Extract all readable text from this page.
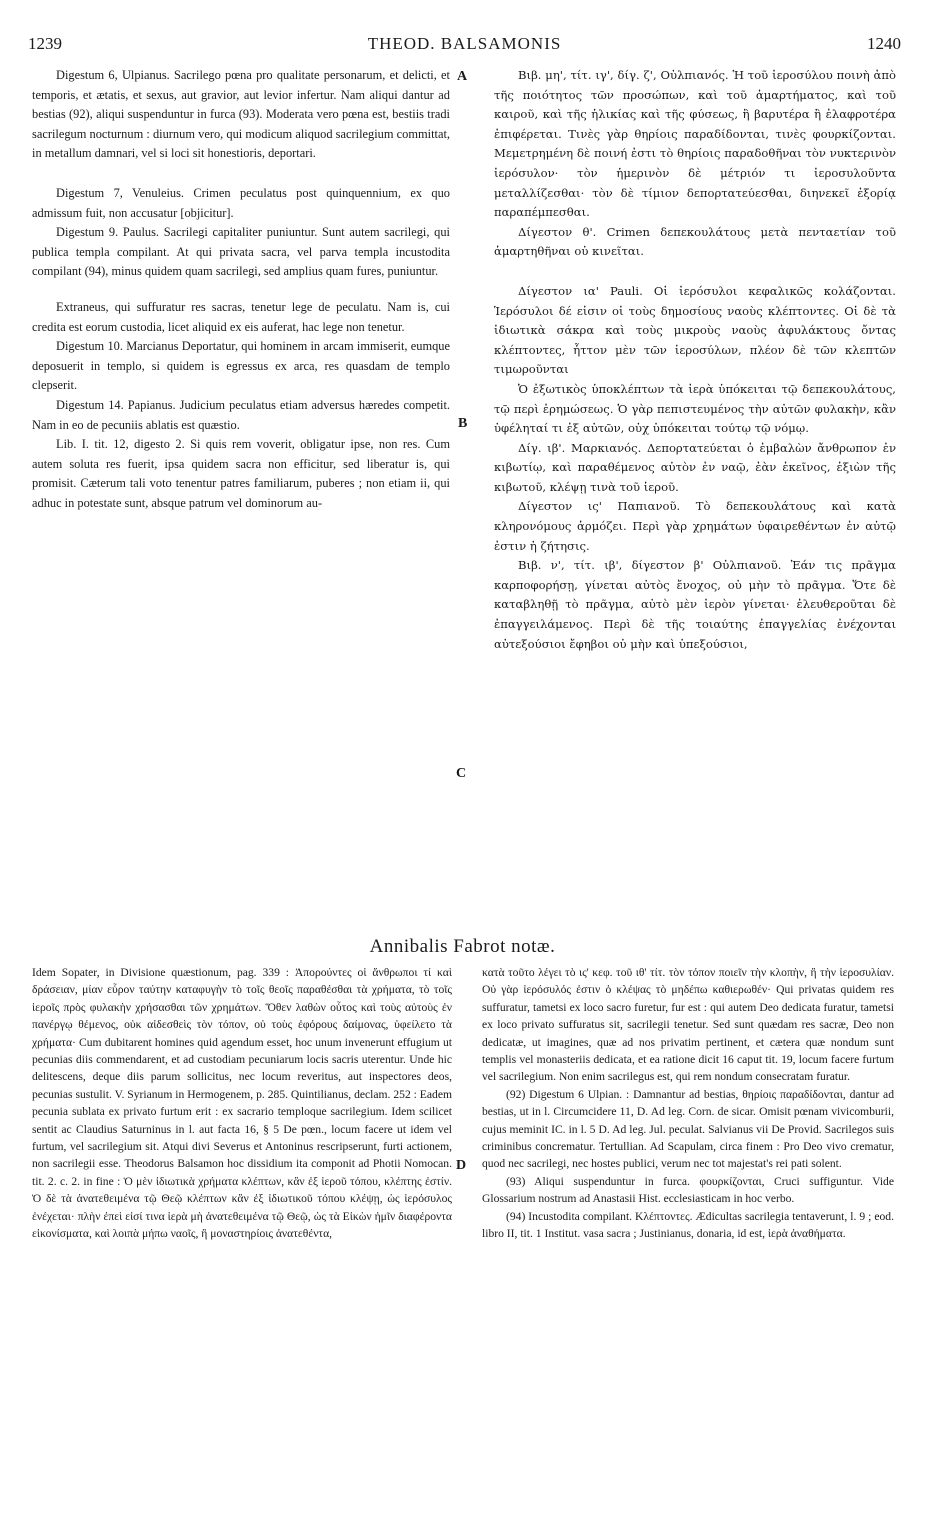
1239	THEOD. BALSAMONIS	1240
A
B
C
D

Digestum 6, Ulpianus. Sacrilego pœna pro qualitate personarum, et delicti, et temporis, et ætatis, et sexus, aut gravior, aut levior infertur. Nam aliqui dantur ad bestias (92), aliqui suspenduntur in furca (93). Moderata vero pœna est, bestiis tradi sacrilegum nocturnum : diurnum vero, qui modicum aliquod sacrilegium committat, in metallum damnari, vel si loci sit honestioris, deportari.

Digestum 7, Venuleius. Crimen peculatus post quinquennium, ex quo admissum fuit, non accusatur [objicitur].

Digestum 9. Paulus. Sacrilegi capitaliter puniuntur. Sunt autem sacrilegi, qui publica templa compilant. At qui privata sacra, vel parva templa incustodita compilant (94), minus quidem quam sacrilegi, sed amplius quam fures, puniuntur.

Extraneus, qui suffuratur res sacras, tenetur lege de peculatu. Nam is, cui credita est eorum custodia, licet aliquid ex eis auferat, hac lege non tenetur.

Digestum 10. Marcianus Deportatur, qui hominem in arcam immiserit, eumque deposuerit in templo, si quidem is egressus ex arca, res quasdam de templo clepserit.

Digestum 14. Papianus. Judicium peculatus etiam adversus hæredes competit. Nam in eo de pecuniis ablatis est quæstio.

Lib. I. tit. 12, digesto 2. Si quis rem voverit, obligatur ipse, non res. Cum autem soluta res fuerit, ipsa quidem sacra non efficitur, sed liberatur is, qui promisit. Cæterum tali voto tenentur patres familiarum, puberes ; non etiam ii, qui adhuc in potestate sunt, absque patrum vel dominorum au-

Βιβ. μη', τίτ. ιγ', δίγ. ζ', Οὐλπιανός. Ἡ τοῦ ἱεροσύλου ποινὴ ἀπὸ τῆς ποιότητος τῶν προσώπων, καὶ τοῦ ἁμαρτήματος, καὶ τοῦ καιροῦ, καὶ τῆς ἡλικίας καὶ τῆς φύσεως, ἢ βαρυτέρα ἢ ἐλαφροτέρα ἐπιφέρεται. Τινὲς γὰρ θηρίοις παραδίδονται, τινὲς φουρκίζονται. Μεμετρημένη δὲ ποινή ἐστι τὸ θηρίοις παραδοθῆναι τὸν νυκτερινὸν ἱερόσυλον· τὸν ἡμερινὸν δὲ μέτριόν τι ἱεροσυλοῦντα μεταλλίζεσθαι· τὸν δὲ τίμιον δεπορτατεύεσθαι, διηνεκεῖ ἐξορίᾳ παραπέμπεσθαι.

Δίγεστον θ'. Crimen δεπεκουλάτους μετὰ πενταετίαν τοῦ ἁμαρτηθῆναι οὐ κινεῖται.

Δίγεστον ια' Pauli. Οἱ ἱερόσυλοι κεφαλικῶς κολάζονται. Ἱερόσυλοι δέ εἰσιν οἱ τοὺς δημοσίους ναοὺς κλέπτοντες. Οἱ δὲ τὰ ἰδιωτικὰ σάκρα καὶ τοὺς μικροὺς ναοὺς ἀφυλάκτους ὄντας κλέπτοντες, ἧττον μὲν τῶν ἱεροσύλων, πλέον δὲ τῶν κλεπτῶν τιμωροῦνται

Ὁ ἐξωτικὸς ὑποκλέπτων τὰ ἱερὰ ὑπόκειται τῷ δεπεκουλάτους, τῷ περὶ ἐρημώσεως. Ὁ γὰρ πεπιστευμένος τὴν αὐτῶν φυλακὴν, κἂν ὑφέληταί τι ἐξ αὐτῶν, οὐχ ὑπόκειται τούτῳ τῷ νόμῳ.

Δίγ. ιβ'. Μαρκιανός. Δεπορτατεύεται ὁ ἐμβαλὼν ἄνθρωπον ἐν κιβωτίῳ, καὶ παραθέμενος αὐτὸν ἐν ναῷ, ἐὰν ἐκεῖνος, ἐξιὼν τῆς κιβωτοῦ, κλέψῃ τινὰ τοῦ ἱεροῦ.

Δίγεστον ις' Παπιανοῦ. Τὸ δεπεκουλάτους καὶ κατὰ κληρονόμους ἁρμόζει. Περὶ γὰρ χρημάτων ὑφαιρεθέντων ἐν αὐτῷ ἐστιν ἡ ζήτησις.

Βιβ. ν', τίτ. ιβ', δίγεστον β' Οὐλπιανοῦ. Ἐάν τις πρᾶγμα καρποφορήσῃ, γίνεται αὐτὸς ἔνοχος, οὐ μὴν τὸ πρᾶγμα. Ὅτε δὲ καταβληθῇ τὸ πρᾶγμα, αὐτὸ μὲν ἱερὸν γίνεται· ἐλευθεροῦται δὲ ἐπαγγειλάμενος. Περὶ δὲ τῆς τοιαύτης ἐπαγγελίας ἐνέχονται αὐτεξούσιοι ἔφηβοι οὐ μὴν καὶ ὑπεξούσιοι,

Annibalis Fabrot notæ.

Idem Sopater, in Divisione quæstionum, pag. 339 : Ἀπορούντες οἱ ἄνθρωποι τί καὶ δράσειαν, μίαν εὗρον ταύτην καταφυγὴν τὸ τοῖς θεοῖς παραθέσθαι τὰ χρήματα, τὸ τοῖς ἱεροῖς πρὸς φυλακὴν χρήσασθαι τῶν χρημάτων. Ὅθεν λαθὼν οὗτος καὶ τοὺς αὐτοὺς ἐν πανέργῳ θέμενος, οὐκ αἰδεσθεὶς τὸν τόπον, οὐ τοὺς ἐφόρους δαίμονας, ὑφείλετο τὰ χρήματα· Cum dubitarent homines quid agendum esset, hoc unum invenerunt effugium ut pecunias diis commendarent, et ad custodiam pecuniarum locis sacris uterentur. Unde hic delitescens, deque diis parum sollicitus, nec locum reveritus, aut inspectores deos, pecunias sustulit. V. Syrianum in Hermogenem, p. 285. Quintilianus, declam. 252 : Eadem pecunia sublata ex privato furtum erit : ex sacrario temploque sacrilegium. Idem scilicet sentit ac Claudius Saturninus in l. aut facta 16, § 5 De pœn., locum facere ut idem vel furtum, vel sacrilegium sit. Atqui divi Severus et Antoninus rescripserunt, furti actionem, non sacrilegii esse. Theodorus Balsamon hoc dissidium ita componit ad Photii Nomocan. tit. 2. c. 2. in fine : Ὁ μὲν ἰδιωτικὰ χρήματα κλέπτων, κἂν ἐξ ἱεροῦ τόπου, κλέπτης ἐστίν. Ὁ δὲ τὰ ἀνατεθειμένα τῷ Θεῷ κλέπτων κἂν ἐξ ἰδιωτικοῦ τόπου κλέψῃ, ὡς ἱερόσυλος ἐνέχεται· πλὴν ἐπεὶ εἰσί τινα ἱερὰ μὴ ἀνατεθειμένα τῷ Θεῷ, ὡς τὰ Εἰκὼν ἡμῖν διαφέροντα εἰκονίσματα, καὶ λοιπὰ μήπω ναοῖς, ἢ μοναστηρίοις ἀνατεθέντα,

κατὰ τοῦτο λέγει τὸ ις' κεφ. τοῦ ιθ' τίτ. τὸν τόπον ποιεῖν τὴν κλοπὴν, ἢ τὴν ἱεροσυλίαν. Οὐ γὰρ ἱερόσυλός ἐστιν ὁ κλέψας τὸ μηδέπω καθιερωθέν· Qui privatas quidem res suffuratur, tametsi ex loco sacro furetur, fur est : qui autem Deo dedicata furatur, tametsi ex loco privato suffuratus sit, sacrilegii tenetur. Sed sunt quædam res sacræ, Deo non dedicatæ, ut imagines, quæ ad nos privatim pertinent, et cætera quæ nondum sunt templis vel monasteriis dedicata, et ea ratione dicit 16 caput tit. 19, locum facere furtum vel sacrilegium. Non enim sacrilegus est, qui rem nondum consecratam furatur.

(92) Digestum 6 Ulpian. : Damnantur ad bestias, θηρίοις παραδίδονται, dantur ad bestias, ut in l. Circumcidere 11, D. Ad leg. Corn. de sicar. Omisit pœnam vivicomburii, cujus meminit IC. in l. 5 D. Ad leg. Jul. peculat. Salvianus vii De Provid. Sacrilegos suis criminibus concrematur. Tertullian. Ad Scapulam, circa finem : Pro Deo vivo crematur, quod nec sacrilegi, nec hostes publici, verum nec tot majestat's rei pati solent.

(93) Aliqui suspenduntur in furca. φουρκίζονται, Cruci suffiguntur. Vide Glossarium nostrum ad Anastasii Hist. ecclesiasticam in hoc verbo.

(94) Incustodita compilant. Κλέπτοντες. Ædicultas sacrilegia tentaverunt, l. 9 ; eod. libro II, tit. 1 Institut. vasa sacra ; Justinianus, donaria, id est, ἱερὰ ἀναθήματα.
